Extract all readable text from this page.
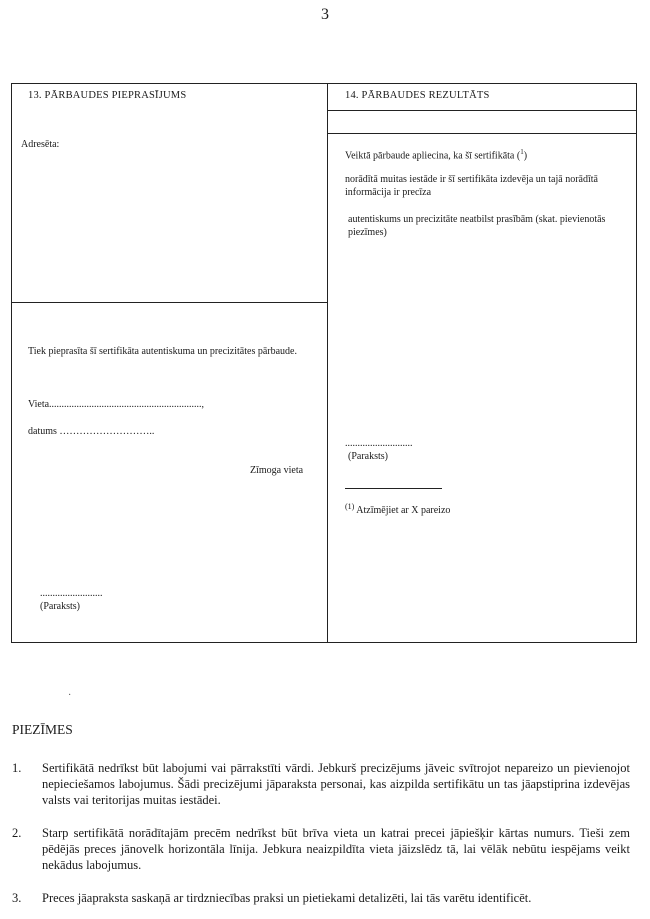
3
13. PĀRBAUDES PIEPRASĪJUMS
Adresēta:
Tiek pieprasīta šī sertifikāta autentiskuma un precizitātes pārbaude.
Vieta.............................................................,
datums ………………………..
Zīmoga vieta
.........................
(Paraksts)
14. PĀRBAUDES REZULTĀTS
Veiktā pārbaude apliecina, ka šī sertifikāta ($^1$)
norādītā muitas iestāde ir šī sertifikāta izdevēja un tajā norādītā informācija ir precīza
autentiskums un precizitāte neatbilst prasībām (skat. pievienotās piezīmes)
...........................
(Paraksts)
$^{(1)}$ Atzīmējiet ar X pareizo
·
PIEZĪMES
1. Sertifikātā nedrīkst būt labojumi vai pārrakstīti vārdi. Jebkurš precizējums jāveic svītrojot nepareizo un pievienojot nepieciešamos labojumus. Šādi precizējumi jāparaksta personai, kas aizpilda sertifikātu un tas jāapstiprina izdevējas valsts vai teritorijas muitas iestādei.
2. Starp sertifikātā norādītajām precēm nedrīkst būt brīva vieta un katrai precei jāpiešķir kārtas numurs. Tieši zem pēdējās preces jānovelk horizontāla līnija. Jebkura neaizpildīta vieta jāizslēdz tā, lai vēlāk nebūtu iespējams veikt nekādus labojumus.
3. Preces jāapraksta saskaņā ar tirdzniecības praksi un pietiekami detalizēti, lai tās varētu identificēt.
